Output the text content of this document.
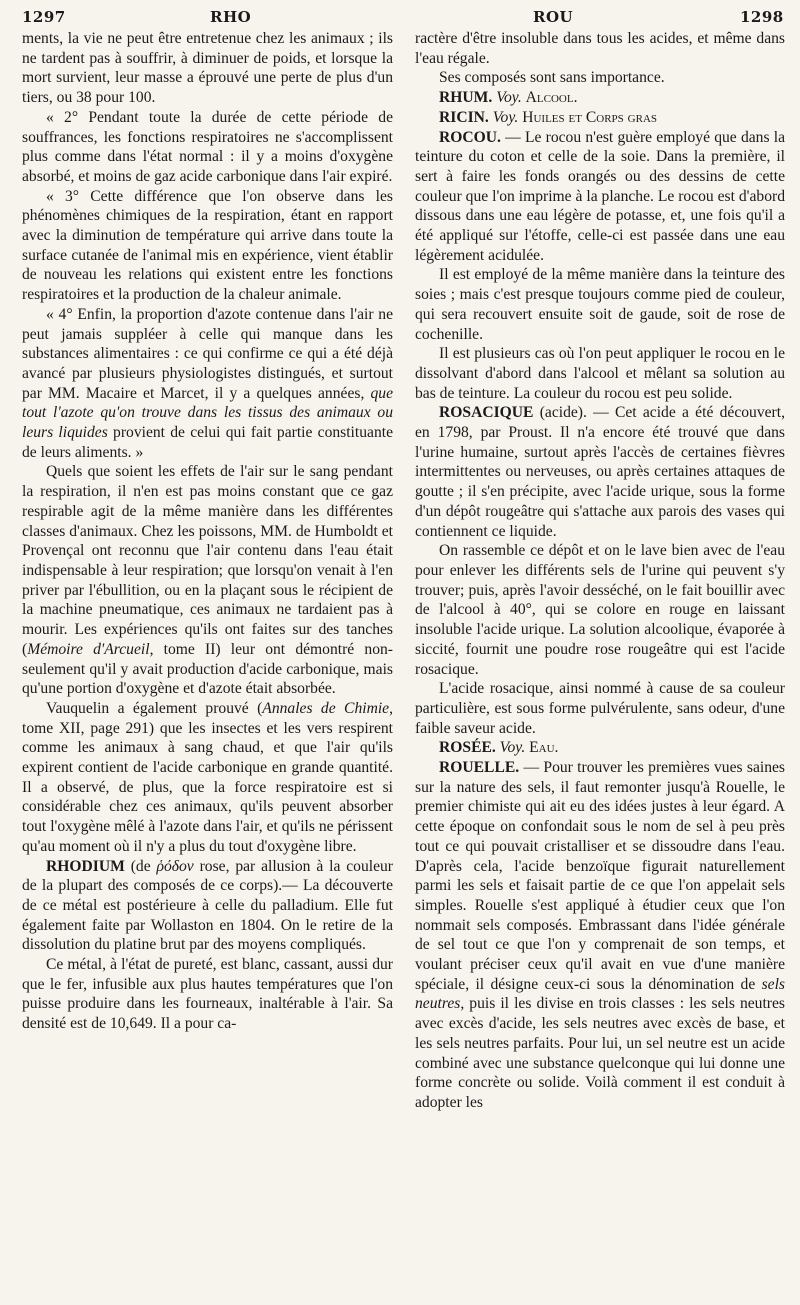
1297	RHO	ROU	1298

ments, la vie ne peut être entretenue chez les animaux ; ils ne tardent pas à souffrir, à diminuer de poids, et lorsque la mort survient, leur masse a éprouvé une perte de plus d'un tiers, ou 38 pour 100.

« 2° Pendant toute la durée de cette période de souffrances, les fonctions respiratoires ne s'accomplissent plus comme dans l'état normal : il y a moins d'oxygène absorbé, et moins de gaz acide carbonique dans l'air expiré.

« 3° Cette différence que l'on observe dans les phénomènes chimiques de la respiration, étant en rapport avec la diminution de température qui arrive dans toute la surface cutanée de l'animal mis en expérience, vient établir de nouveau les relations qui existent entre les fonctions respiratoires et la production de la chaleur animale.

« 4° Enfin, la proportion d'azote contenue dans l'air ne peut jamais suppléer à celle qui manque dans les substances alimentaires : ce qui confirme ce qui a été déjà avancé par plusieurs physiologistes distingués, et surtout par MM. Macaire et Marcet, il y a quelques années, que tout l'azote qu'on trouve dans les tissus des animaux ou leurs liquides provient de celui qui fait partie constituante de leurs aliments. »

Quels que soient les effets de l'air sur le sang pendant la respiration, il n'en est pas moins constant que ce gaz respirable agit de la même manière dans les différentes classes d'animaux. Chez les poissons, MM. de Humboldt et Provençal ont reconnu que l'air contenu dans l'eau était indispensable à leur respiration; que lorsqu'on venait à l'en priver par l'ébullition, ou en la plaçant sous le récipient de la machine pneumatique, ces animaux ne tardaient pas à mourir. Les expériences qu'ils ont faites sur des tanches (Mémoire d'Arcueil, tome II) leur ont démontré non-seulement qu'il y avait production d'acide carbonique, mais qu'une portion d'oxygène et d'azote était absorbée.

Vauquelin a également prouvé (Annales de Chimie, tome XII, page 291) que les insectes et les vers respirent comme les animaux à sang chaud, et que l'air qu'ils expirent contient de l'acide carbonique en grande quantité. Il a observé, de plus, que la force respiratoire est si considérable chez ces animaux, qu'ils peuvent absorber tout l'oxygène mêlé à l'azote dans l'air, et qu'ils ne périssent qu'au moment où il n'y a plus du tout d'oxygène libre.

RHODIUM (de ῥόδον rose, par allusion à la couleur de la plupart des composés de ce corps).— La découverte de ce métal est postérieure à celle du palladium. Elle fut également faite par Wollaston en 1804. On le retire de la dissolution du platine brut par des moyens compliqués.

Ce métal, à l'état de pureté, est blanc, cassant, aussi dur que le fer, infusible aux plus hautes températures que l'on puisse produire dans les fourneaux, inaltérable à l'air. Sa densité est de 10,649. Il a pour ca-

ractère d'être insoluble dans tous les acides, et même dans l'eau régale.

Ses composés sont sans importance.

RHUM. Voy. Alcool.

RICIN. Voy. Huiles et Corps gras

ROCOU. — Le rocou n'est guère employé que dans la teinture du coton et celle de la soie. Dans la première, il sert à faire les fonds orangés ou des dessins de cette couleur que l'on imprime à la planche. Le rocou est d'abord dissous dans une eau légère de potasse, et, une fois qu'il a été appliqué sur l'étoffe, celle-ci est passée dans une eau légèrement acidulée.

Il est employé de la même manière dans la teinture des soies ; mais c'est presque toujours comme pied de couleur, qui sera recouvert ensuite soit de gaude, soit de rose de cochenille.

Il est plusieurs cas où l'on peut appliquer le rocou en le dissolvant d'abord dans l'alcool et mêlant sa solution au bas de teinture. La couleur du rocou est peu solide.

ROSACIQUE (acide). — Cet acide a été découvert, en 1798, par Proust. Il n'a encore été trouvé que dans l'urine humaine, surtout après l'accès de certaines fièvres intermittentes ou nerveuses, ou après certaines attaques de goutte ; il s'en précipite, avec l'acide urique, sous la forme d'un dépôt rougeâtre qui s'attache aux parois des vases qui contiennent ce liquide.

On rassemble ce dépôt et on le lave bien avec de l'eau pour enlever les différents sels de l'urine qui peuvent s'y trouver; puis, après l'avoir desséché, on le fait bouillir avec de l'alcool à 40°, qui se colore en rouge en laissant insoluble l'acide urique. La solution alcoolique, évaporée à siccité, fournit une poudre rose rougeâtre qui est l'acide rosacique.

L'acide rosacique, ainsi nommé à cause de sa couleur particulière, est sous forme pulvérulente, sans odeur, d'une faible saveur acide.

ROSÉE. Voy. Eau.

ROUELLE. — Pour trouver les premières vues saines sur la nature des sels, il faut remonter jusqu'à Rouelle, le premier chimiste qui ait eu des idées justes à leur égard. A cette époque on confondait sous le nom de sel à peu près tout ce qui pouvait cristalliser et se dissoudre dans l'eau. D'après cela, l'acide benzoïque figurait naturellement parmi les sels et faisait partie de ce que l'on appelait sels simples. Rouelle s'est appliqué à étudier ceux que l'on nommait sels composés. Embrassant dans l'idée générale de sel tout ce que l'on y comprenait de son temps, et voulant préciser ceux qu'il avait en vue d'une manière spéciale, il désigne ceux-ci sous la dénomination de sels neutres, puis il les divise en trois classes : les sels neutres avec excès d'acide, les sels neutres avec excès de base, et les sels neutres parfaits. Pour lui, un sel neutre est un acide combiné avec une substance quelconque qui lui donne une forme concrète ou solide. Voilà comment il est conduit à adopter les
